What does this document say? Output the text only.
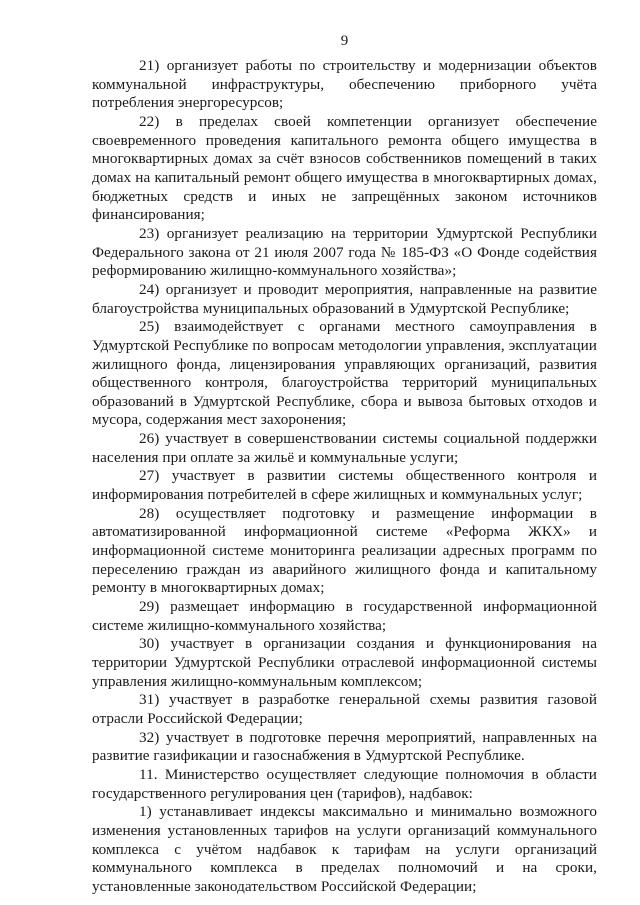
9

21) организует работы по строительству и модернизации объектов коммунальной инфраструктуры, обеспечению приборного учёта потребления энергоресурсов;

22) в пределах своей компетенции организует обеспечение своевременного проведения капитального ремонта общего имущества в многоквартирных домах за счёт взносов собственников помещений в таких домах на капитальный ремонт общего имущества в многоквартирных домах, бюджетных средств и иных не запрещённых законом источников финансирования;

23) организует реализацию на территории Удмуртской Республики Федерального закона от 21 июля 2007 года № 185-ФЗ «О Фонде содействия реформированию жилищно-коммунального хозяйства»;

24) организует и проводит мероприятия, направленные на развитие благоустройства муниципальных образований в Удмуртской Республике;

25) взаимодействует с органами местного самоуправления в Удмуртской Республике по вопросам методологии управления, эксплуатации жилищного фонда, лицензирования управляющих организаций, развития общественного контроля, благоустройства территорий муниципальных образований в Удмуртской Республике, сбора и вывоза бытовых отходов и мусора, содержания мест захоронения;

26) участвует в совершенствовании системы социальной поддержки населения при оплате за жильё и коммунальные услуги;

27) участвует в развитии системы общественного контроля и информирования потребителей в сфере жилищных и коммунальных услуг;

28) осуществляет подготовку и размещение информации в автоматизированной информационной системе «Реформа ЖКХ» и информационной системе мониторинга реализации адресных программ по переселению граждан из аварийного жилищного фонда и капитальному ремонту в многоквартирных домах;

29) размещает информацию в государственной информационной системе жилищно-коммунального хозяйства;

30) участвует в организации создания и функционирования на территории Удмуртской Республики отраслевой информационной системы управления жилищно-коммунальным комплексом;

31) участвует в разработке генеральной схемы развития газовой отрасли Российской Федерации;

32) участвует в подготовке перечня мероприятий, направленных на развитие газификации и газоснабжения в Удмуртской Республике.

11. Министерство осуществляет следующие полномочия в области государственного регулирования цен (тарифов), надбавок:

1) устанавливает индексы максимально и минимально возможного изменения установленных тарифов на услуги организаций коммунального комплекса с учётом надбавок к тарифам на услуги организаций коммунального комплекса в пределах полномочий и на сроки, установленные законодательством Российской Федерации;
